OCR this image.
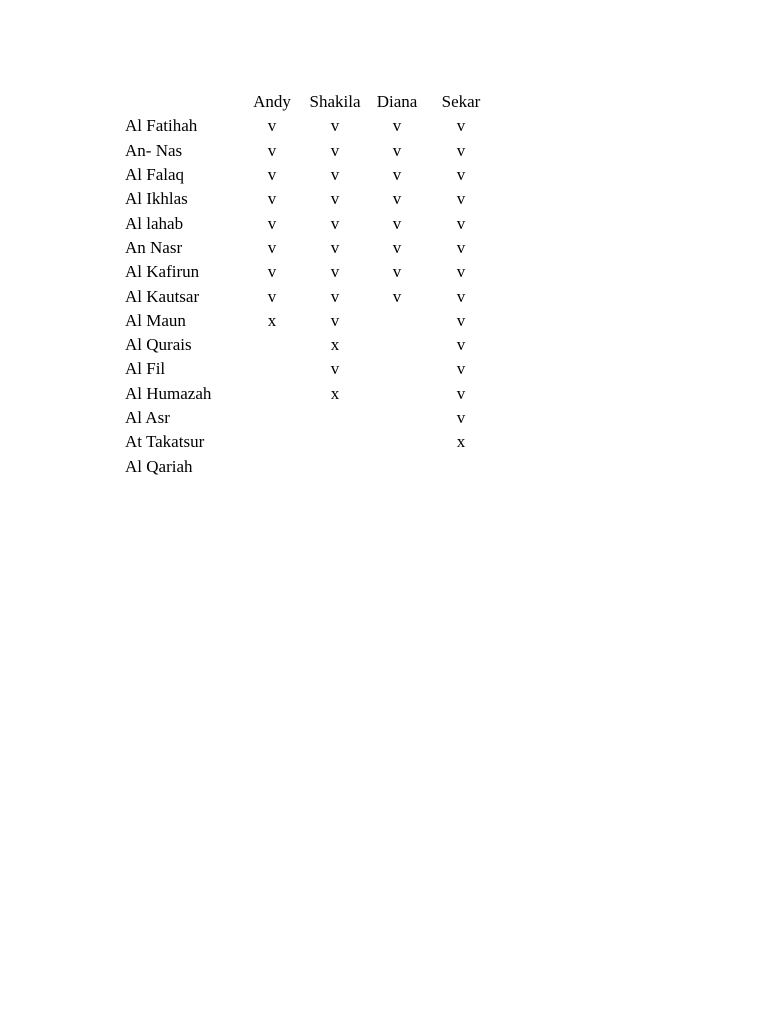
	Andy	Shakila	Diana	Sekar
Al Fatihah	v	v	v	v
An- Nas	v	v	v	v
Al Falaq	v	v	v	v
Al Ikhlas	v	v	v	v
Al lahab	v	v	v	v
An Nasr	v	v	v	v
Al Kafirun	v	v	v	v
Al Kautsar	v	v	v	v
Al Maun	x	v		v
Al Qurais		x		v
Al Fil		v		v
Al Humazah		x		v
Al Asr				v
At Takatsur				x
Al Qariah				
